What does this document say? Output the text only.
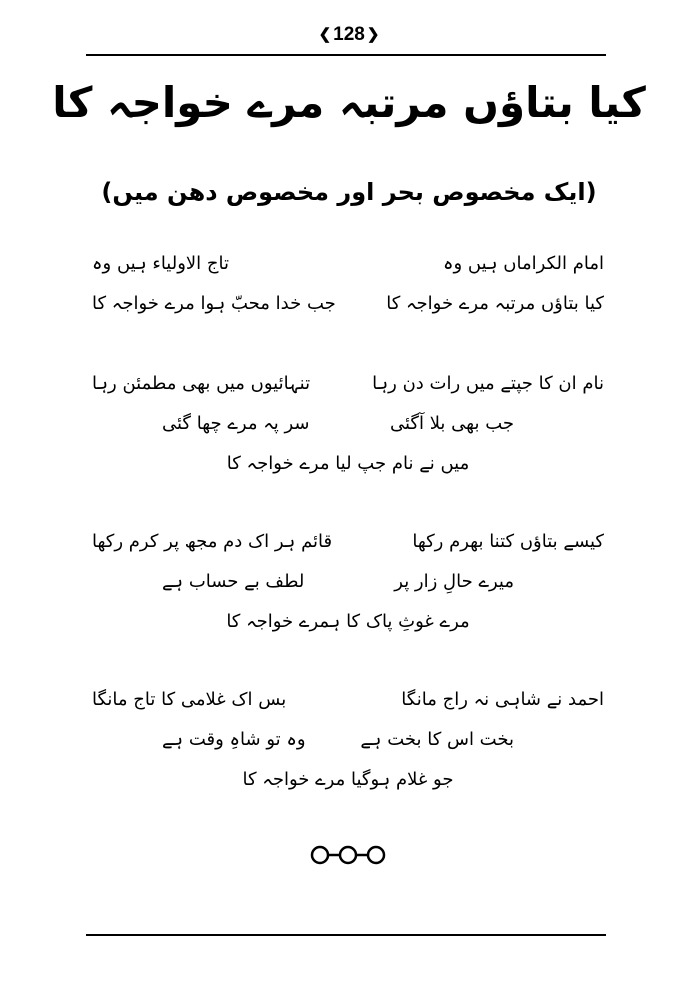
❮ 128 ❯
کیا بتاؤں مرتبہ مرے خواجہ کا
(ایک مخصوص بحر اور مخصوص دھن میں)
امام الکراماں ہیں وہ
تاج الاولیاء ہیں وہ
کیا بتاؤں مرتبہ مرے خواجہ کا
جب خدا محبّ ہوا مرے خواجہ کا
نام ان کا جپتے میں رات دن رہا
تنہائیوں میں بھی مطمئن رہا
جب بھی بلا آگئی
سر پہ مرے چھا گئی
میں نے نام جپ لیا مرے خواجہ کا
کیسے بتاؤں کتنا بھرم رکھا
قائم ہر اک دم مجھ پر کرم رکھا
میرے حالِ زار پر
لطف بے حساب ہے
مرے غوثِ پاک کا ہمرے خواجہ کا
احمد نے شاہی نہ راج مانگا
بس اک غلامی کا تاج مانگا
بخت اس کا بخت ہے
وہ تو شاہِ وقت ہے
جو غلام ہوگیا مرے خواجہ کا
